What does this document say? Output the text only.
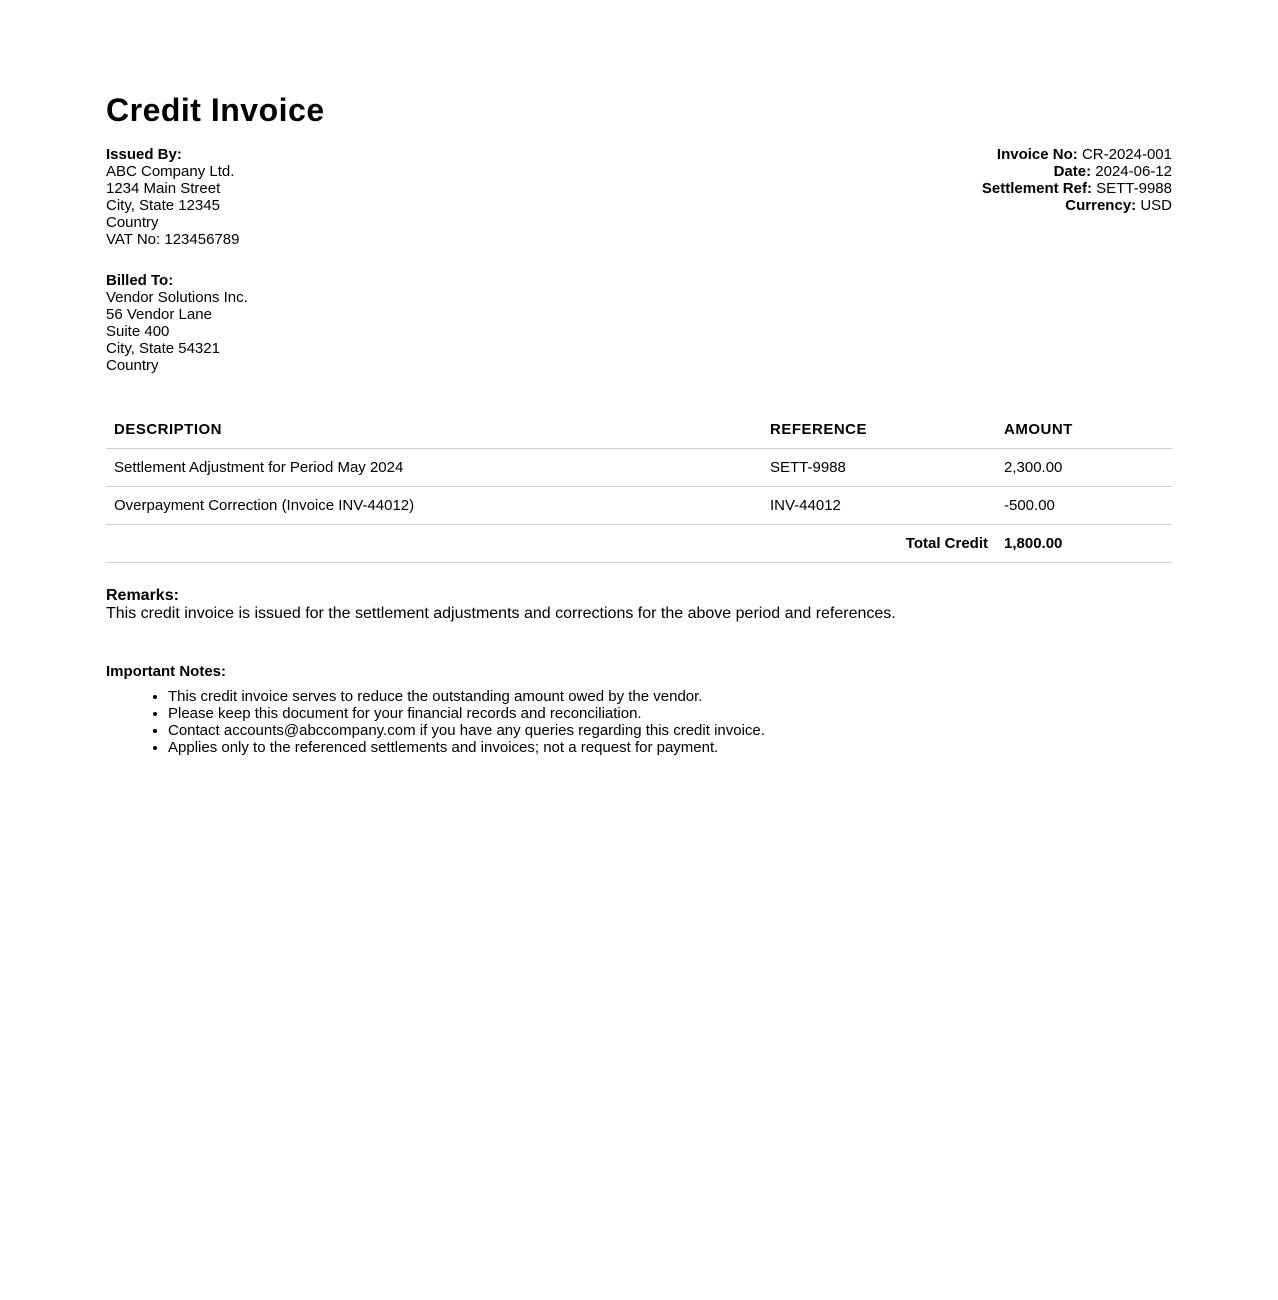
Credit Invoice
Issued By:
ABC Company Ltd.
1234 Main Street
City, State 12345
Country
VAT No: 123456789
Billed To:
Vendor Solutions Inc.
56 Vendor Lane
Suite 400
City, State 54321
Country
Invoice No: CR-2024-001
Date: 2024-06-12
Settlement Ref: SETT-9988
Currency: USD
DESCRIPTION	REFERENCE	AMOUNT
Settlement Adjustment for Period May 2024	SETT-9988	2,300.00
Overpayment Correction (Invoice INV-44012)	INV-44012	-500.00
Total Credit		1,800.00
Remarks:
This credit invoice is issued for the settlement adjustments and corrections for the above period and references.
Important Notes:
• This credit invoice serves to reduce the outstanding amount owed by the vendor.
• Please keep this document for your financial records and reconciliation.
• Contact accounts@abccompany.com if you have any queries regarding this credit invoice.
• Applies only to the referenced settlements and invoices; not a request for payment.
